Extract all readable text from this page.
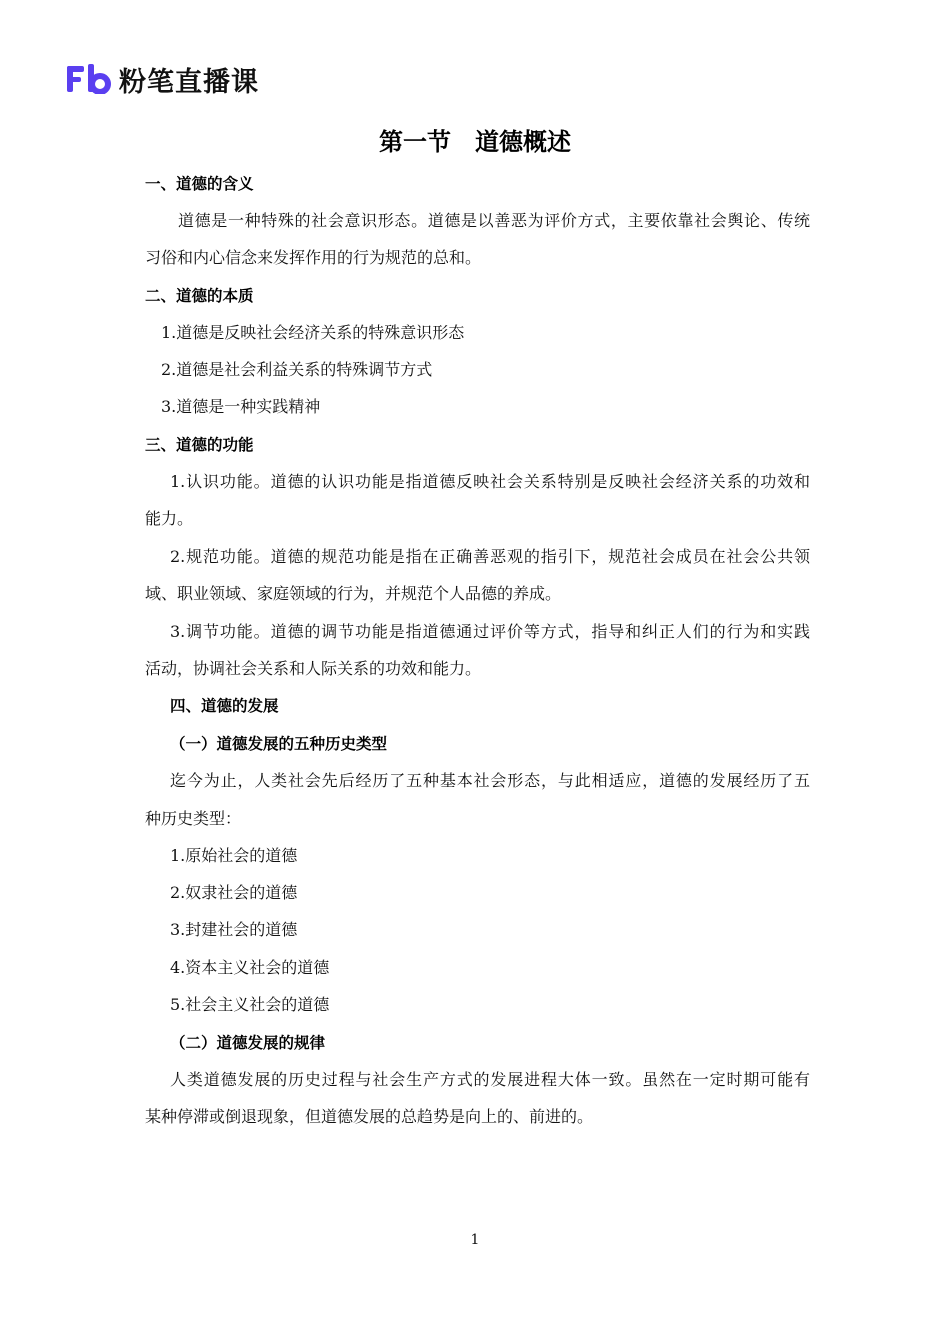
粉笔直播课
第一节　道德概述
一、道德的含义
道德是一种特殊的社会意识形态。道德是以善恶为评价方式，主要依靠社会舆论、传统
习俗和内心信念来发挥作用的行为规范的总和。
二、道德的本质
1.道德是反映社会经济关系的特殊意识形态
2.道德是社会利益关系的特殊调节方式
3.道德是一种实践精神
三、道德的功能
1.认识功能。道德的认识功能是指道德反映社会关系特别是反映社会经济关系的功效和
能力。
2.规范功能。道德的规范功能是指在正确善恶观的指引下，规范社会成员在社会公共领
域、职业领域、家庭领域的行为，并规范个人品德的养成。
3.调节功能。道德的调节功能是指道德通过评价等方式，指导和纠正人们的行为和实践
活动，协调社会关系和人际关系的功效和能力。
四、道德的发展
（一）道德发展的五种历史类型
迄今为止，人类社会先后经历了五种基本社会形态，与此相适应，道德的发展经历了五
种历史类型：
1.原始社会的道德
2.奴隶社会的道德
3.封建社会的道德
4.资本主义社会的道德
5.社会主义社会的道德
（二）道德发展的规律
人类道德发展的历史过程与社会生产方式的发展进程大体一致。虽然在一定时期可能有
某种停滞或倒退现象，但道德发展的总趋势是向上的、前进的。
1
